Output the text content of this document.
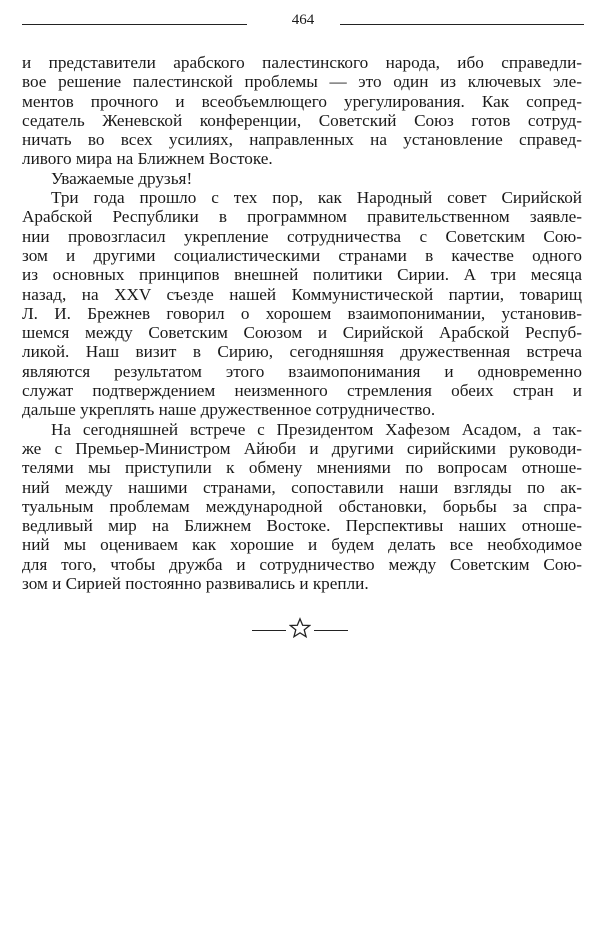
464
и представители арабского палестинского народа, ибо справедли-
вое решение палестинской проблемы — это один из ключевых эле-
ментов прочного и всеобъемлющего урегулирования. Как сопред-
седатель Женевской конференции, Советский Союз готов сотруд-
ничать во всех усилиях, направленных на установление справед-
ливого мира на Ближнем Востоке.
Уважаемые друзья!
Три года прошло с тех пор, как Народный совет Сирийской
Арабской Республики в программном правительственном заявле-
нии провозгласил укрепление сотрудничества с Советским Сою-
зом и другими социалистическими странами в качестве одного
из основных принципов внешней политики Сирии. А три месяца
назад, на XXV съезде нашей Коммунистической партии, товарищ
Л. И. Брежнев говорил о хорошем взаимопонимании, установив-
шемся между Советским Союзом и Сирийской Арабской Респуб-
ликой. Наш визит в Сирию, сегодняшняя дружественная встреча
являются результатом этого взаимопонимания и одновременно
служат подтверждением неизменного стремления обеих стран и
дальше укреплять наше дружественное сотрудничество.
На сегодняшней встрече с Президентом Хафезом Асадом, а так-
же с Премьер-Министром Айюби и другими сирийскими руководи-
телями мы приступили к обмену мнениями по вопросам отноше-
ний между нашими странами, сопоставили наши взгляды по ак-
туальным проблемам международной обстановки, борьбы за спра-
ведливый мир на Ближнем Востоке. Перспективы наших отноше-
ний мы оцениваем как хорошие и будем делать все необходимое
для того, чтобы дружба и сотрудничество между Советским Сою-
зом и Сирией постоянно развивались и крепли.
